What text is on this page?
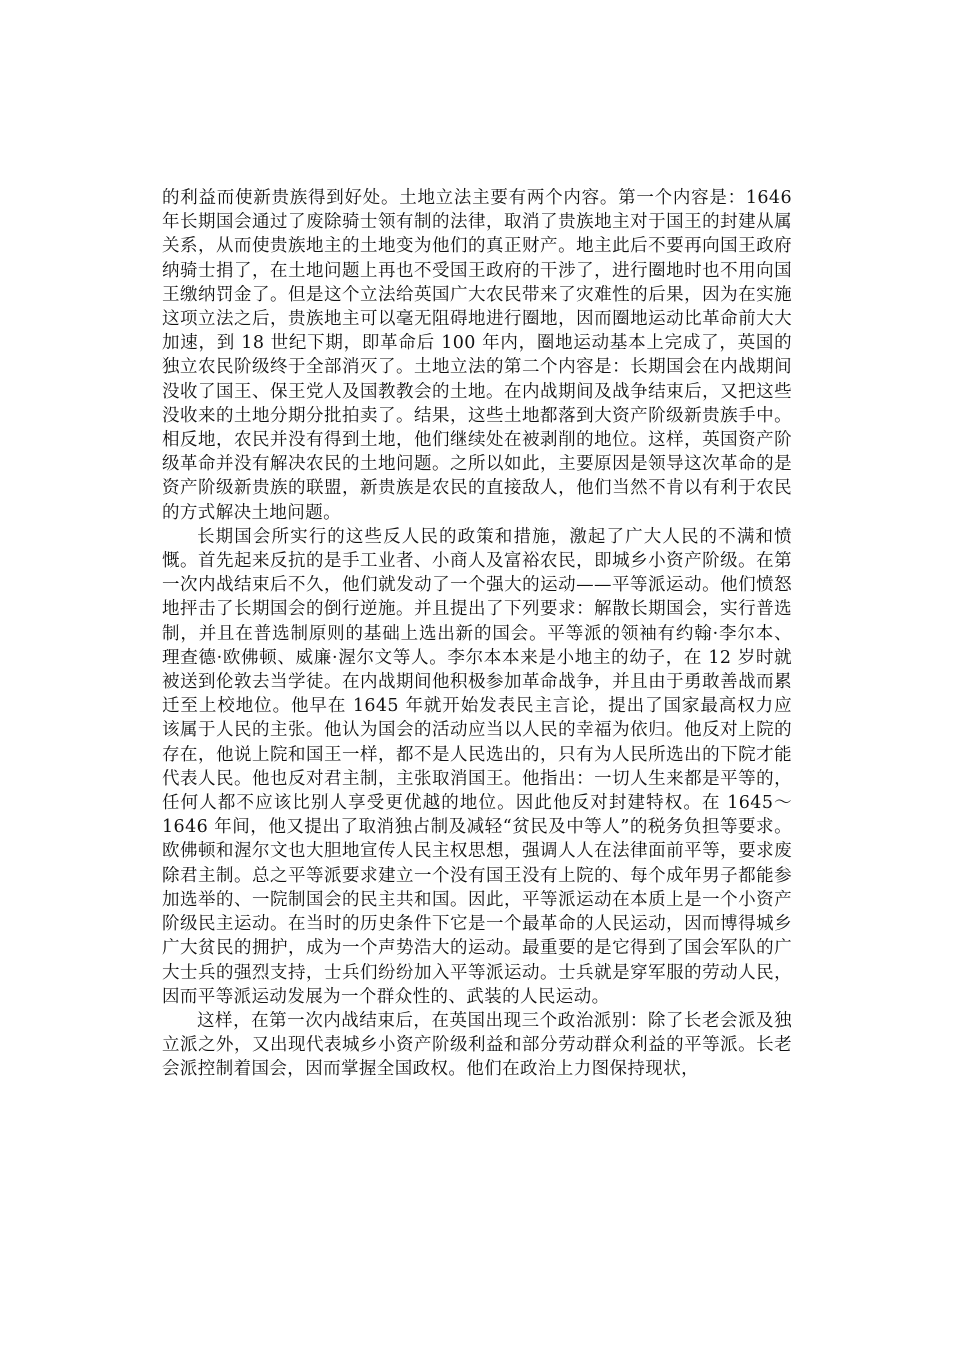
的利益而使新贵族得到好处。土地立法主要有两个内容。第一个内容是：1646年长期国会通过了废除骑士领有制的法律，取消了贵族地主对于国王的封建从属关系，从而使贵族地主的土地变为他们的真正财产。地主此后不要再向国王政府纳骑士捐了，在土地问题上再也不受国王政府的干涉了，进行圈地时也不用向国王缴纳罚金了。但是这个立法给英国广大农民带来了灾难性的后果，因为在实施这项立法之后，贵族地主可以毫无阻碍地进行圈地，因而圈地运动比革命前大大加速，到 18 世纪下期，即革命后 100 年内，圈地运动基本上完成了，英国的独立农民阶级终于全部消灭了。土地立法的第二个内容是：长期国会在内战期间没收了国王、保王党人及国教教会的土地。在内战期间及战争结束后，又把这些没收来的土地分期分批拍卖了。结果，这些土地都落到大资产阶级新贵族手中。相反地，农民并没有得到土地，他们继续处在被剥削的地位。这样，英国资产阶级革命并没有解决农民的土地问题。之所以如此，主要原因是领导这次革命的是资产阶级新贵族的联盟，新贵族是农民的直接敌人，他们当然不肯以有利于农民的方式解决土地问题。

长期国会所实行的这些反人民的政策和措施，激起了广大人民的不满和愤慨。首先起来反抗的是手工业者、小商人及富裕农民，即城乡小资产阶级。在第一次内战结束后不久，他们就发动了一个强大的运动——平等派运动。他们愤怒地抨击了长期国会的倒行逆施。并且提出了下列要求：解散长期国会，实行普选制，并且在普选制原则的基础上选出新的国会。平等派的领袖有约翰·李尔本、理查德·欧佛顿、威廉·渥尔文等人。李尔本本来是小地主的幼子，在 12 岁时就被送到伦敦去当学徒。在内战期间他积极参加革命战争，并且由于勇敢善战而累迁至上校地位。他早在 1645 年就开始发表民主言论，提出了国家最高权力应该属于人民的主张。他认为国会的活动应当以人民的幸福为依归。他反对上院的存在，他说上院和国王一样，都不是人民选出的，只有为人民所选出的下院才能代表人民。他也反对君主制，主张取消国王。他指出：一切人生来都是平等的，任何人都不应该比别人享受更优越的地位。因此他反对封建特权。在 1645～1646 年间，他又提出了取消独占制及减轻“贫民及中等人”的税务负担等要求。欧佛顿和渥尔文也大胆地宣传人民主权思想，强调人人在法律面前平等，要求废除君主制。总之平等派要求建立一个没有国王没有上院的、每个成年男子都能参加选举的、一院制国会的民主共和国。因此，平等派运动在本质上是一个小资产阶级民主运动。在当时的历史条件下它是一个最革命的人民运动，因而博得城乡广大贫民的拥护，成为一个声势浩大的运动。最重要的是它得到了国会军队的广大士兵的强烈支持，士兵们纷纷加入平等派运动。士兵就是穿军服的劳动人民，因而平等派运动发展为一个群众性的、武装的人民运动。

这样，在第一次内战结束后，在英国出现三个政治派别：除了长老会派及独立派之外，又出现代表城乡小资产阶级利益和部分劳动群众利益的平等派。长老会派控制着国会，因而掌握全国政权。他们在政治上力图保持现状，
